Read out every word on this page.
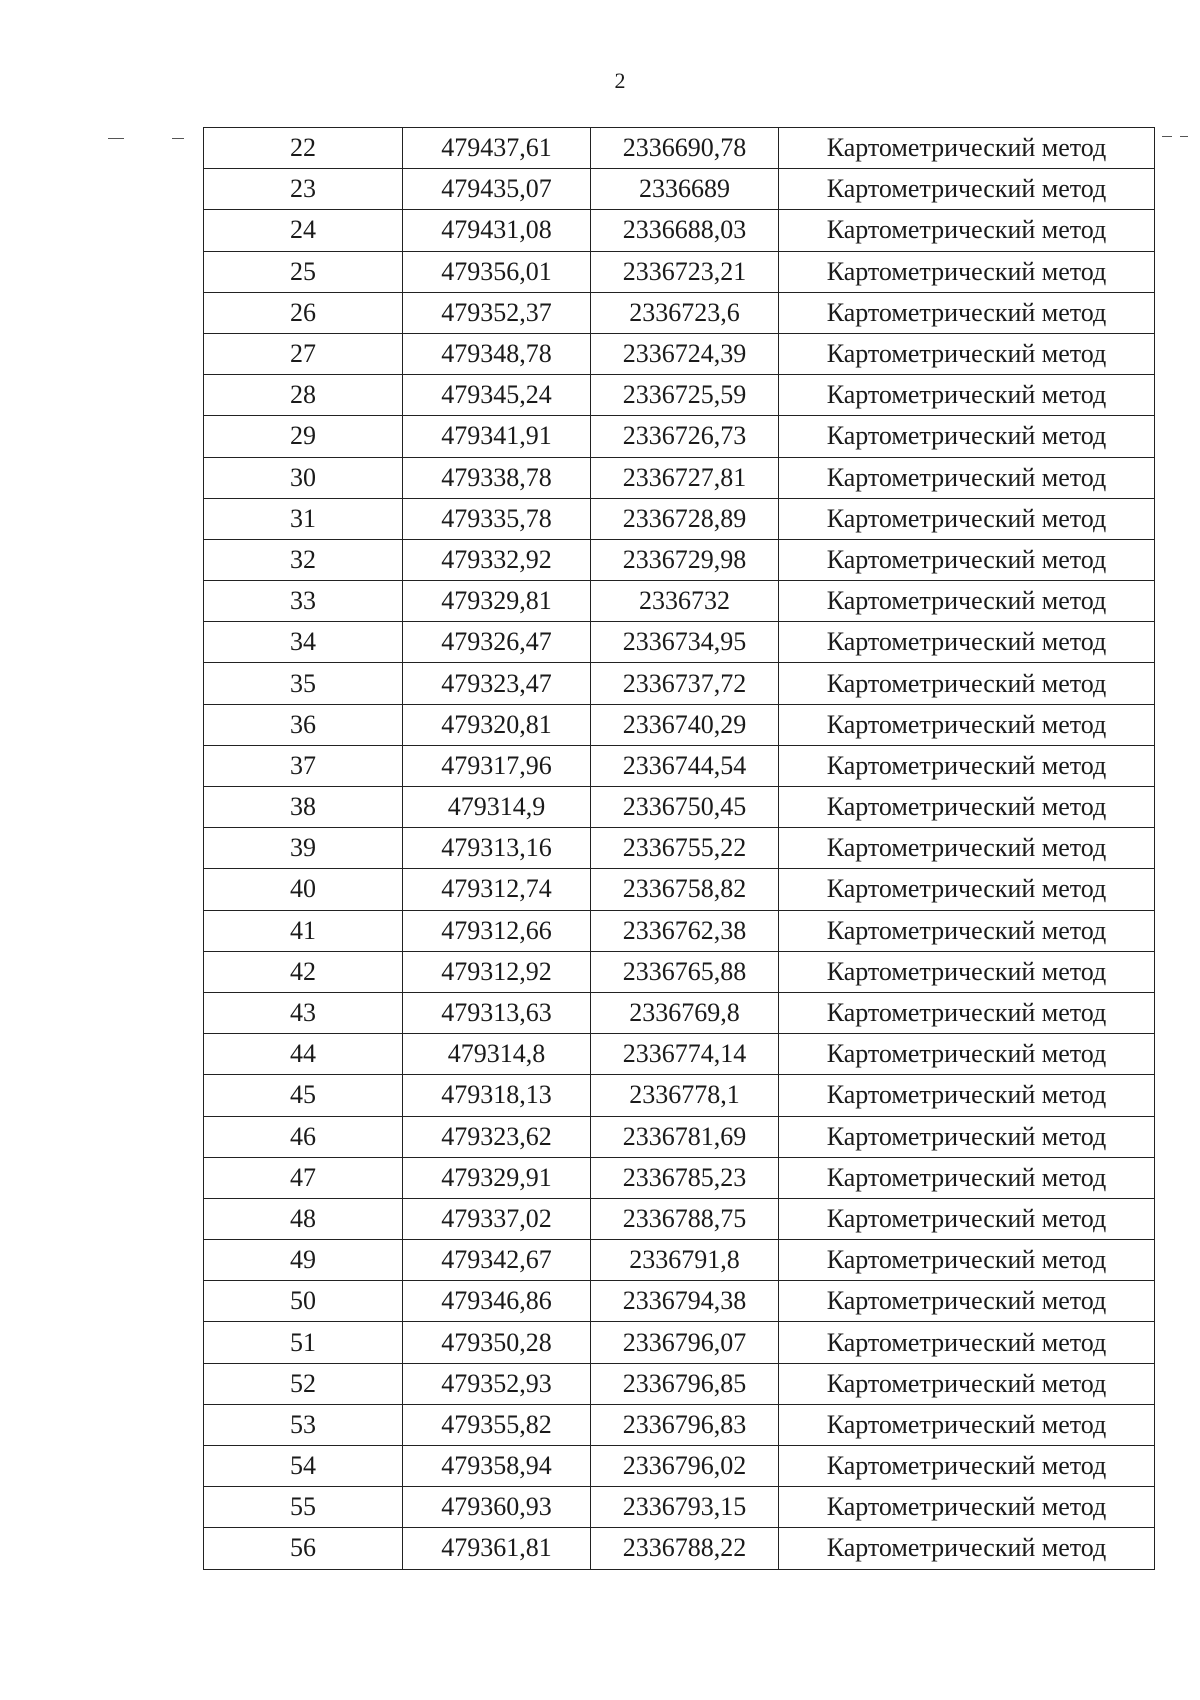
2
22	479437,61	2336690,78	Картометрический метод
23	479435,07	2336689	Картометрический метод
24	479431,08	2336688,03	Картометрический метод
25	479356,01	2336723,21	Картометрический метод
26	479352,37	2336723,6	Картометрический метод
27	479348,78	2336724,39	Картометрический метод
28	479345,24	2336725,59	Картометрический метод
29	479341,91	2336726,73	Картометрический метод
30	479338,78	2336727,81	Картометрический метод
31	479335,78	2336728,89	Картометрический метод
32	479332,92	2336729,98	Картометрический метод
33	479329,81	2336732	Картометрический метод
34	479326,47	2336734,95	Картометрический метод
35	479323,47	2336737,72	Картометрический метод
36	479320,81	2336740,29	Картометрический метод
37	479317,96	2336744,54	Картометрический метод
38	479314,9	2336750,45	Картометрический метод
39	479313,16	2336755,22	Картометрический метод
40	479312,74	2336758,82	Картометрический метод
41	479312,66	2336762,38	Картометрический метод
42	479312,92	2336765,88	Картометрический метод
43	479313,63	2336769,8	Картометрический метод
44	479314,8	2336774,14	Картометрический метод
45	479318,13	2336778,1	Картометрический метод
46	479323,62	2336781,69	Картометрический метод
47	479329,91	2336785,23	Картометрический метод
48	479337,02	2336788,75	Картометрический метод
49	479342,67	2336791,8	Картометрический метод
50	479346,86	2336794,38	Картометрический метод
51	479350,28	2336796,07	Картометрический метод
52	479352,93	2336796,85	Картометрический метод
53	479355,82	2336796,83	Картометрический метод
54	479358,94	2336796,02	Картометрический метод
55	479360,93	2336793,15	Картометрический метод
56	479361,81	2336788,22	Картометрический метод
